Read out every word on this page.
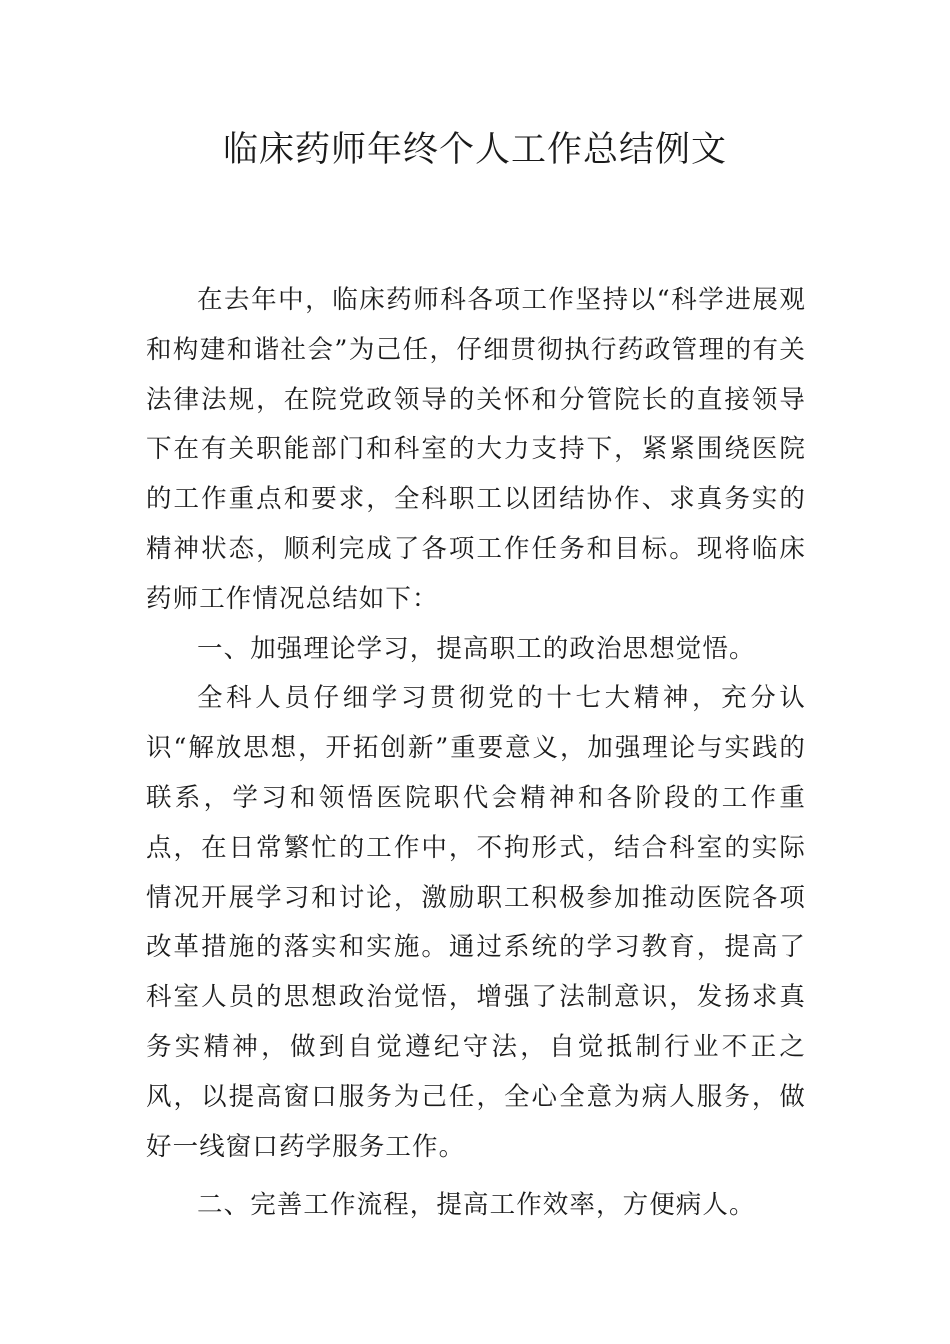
临床药师年终个人工作总结例文

在去年中，临床药师科各项工作坚持以“科学进展观和构建和谐社会”为己任，仔细贯彻执行药政管理的有关法律法规，在院党政领导的关怀和分管院长的直接领导下在有关职能部门和科室的大力支持下，紧紧围绕医院的工作重点和要求，全科职工以团结协作、求真务实的精神状态，顺利完成了各项工作任务和目标。现将临床药师工作情况总结如下：

一、加强理论学习，提高职工的政治思想觉悟。

全科人员仔细学习贯彻党的十七大精神，充分认识“解放思想，开拓创新”重要意义，加强理论与实践的联系，学习和领悟医院职代会精神和各阶段的工作重点，在日常繁忙的工作中，不拘形式，结合科室的实际情况开展学习和讨论，激励职工积极参加推动医院各项改革措施的落实和实施。通过系统的学习教育，提高了科室人员的思想政治觉悟，增强了法制意识，发扬求真务实精神，做到自觉遵纪守法，自觉抵制行业不正之风，以提高窗口服务为己任，全心全意为病人服务，做好一线窗口药学服务工作。

二、完善工作流程，提高工作效率，方便病人。
